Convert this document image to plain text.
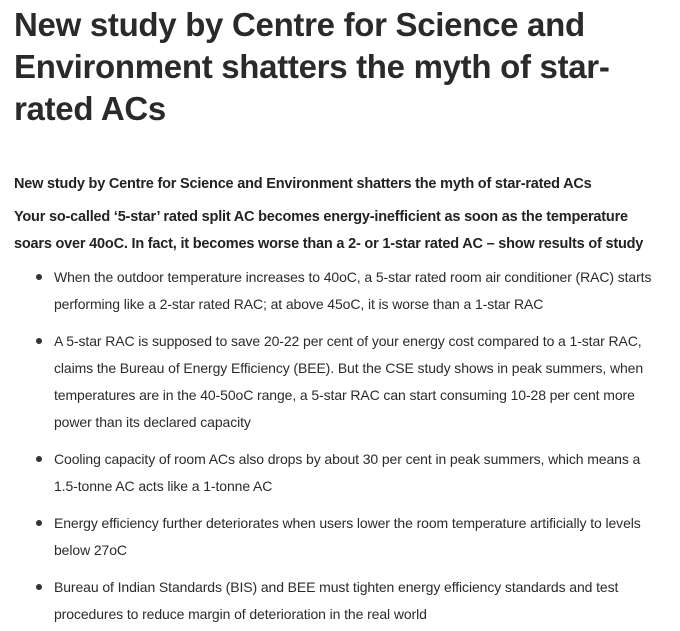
New study by Centre for Science and Environment shatters the myth of star-rated ACs

New study by Centre for Science and Environment shatters the myth of star-rated ACs

Your so-called ‘5-star’ rated split AC becomes energy-inefficient as soon as the temperature soars over 40oC. In fact, it becomes worse than a 2- or 1-star rated AC – show results of study

When the outdoor temperature increases to 40oC, a 5-star rated room air conditioner (RAC) starts performing like a 2-star rated RAC; at above 45oC, it is worse than a 1-star RAC
A 5-star RAC is supposed to save 20-22 per cent of your energy cost compared to a 1-star RAC, claims the Bureau of Energy Efficiency (BEE). But the CSE study shows in peak summers, when temperatures are in the 40-50oC range, a 5-star RAC can start consuming 10-28 per cent more power than its declared capacity
Cooling capacity of room ACs also drops by about 30 per cent in peak summers, which means a 1.5-tonne AC acts like a 1-tonne AC
Energy efficiency further deteriorates when users lower the room temperature artificially to levels below 27oC
Bureau of Indian Standards (BIS) and BEE must tighten energy efficiency standards and test procedures to reduce margin of deterioration in the real world
